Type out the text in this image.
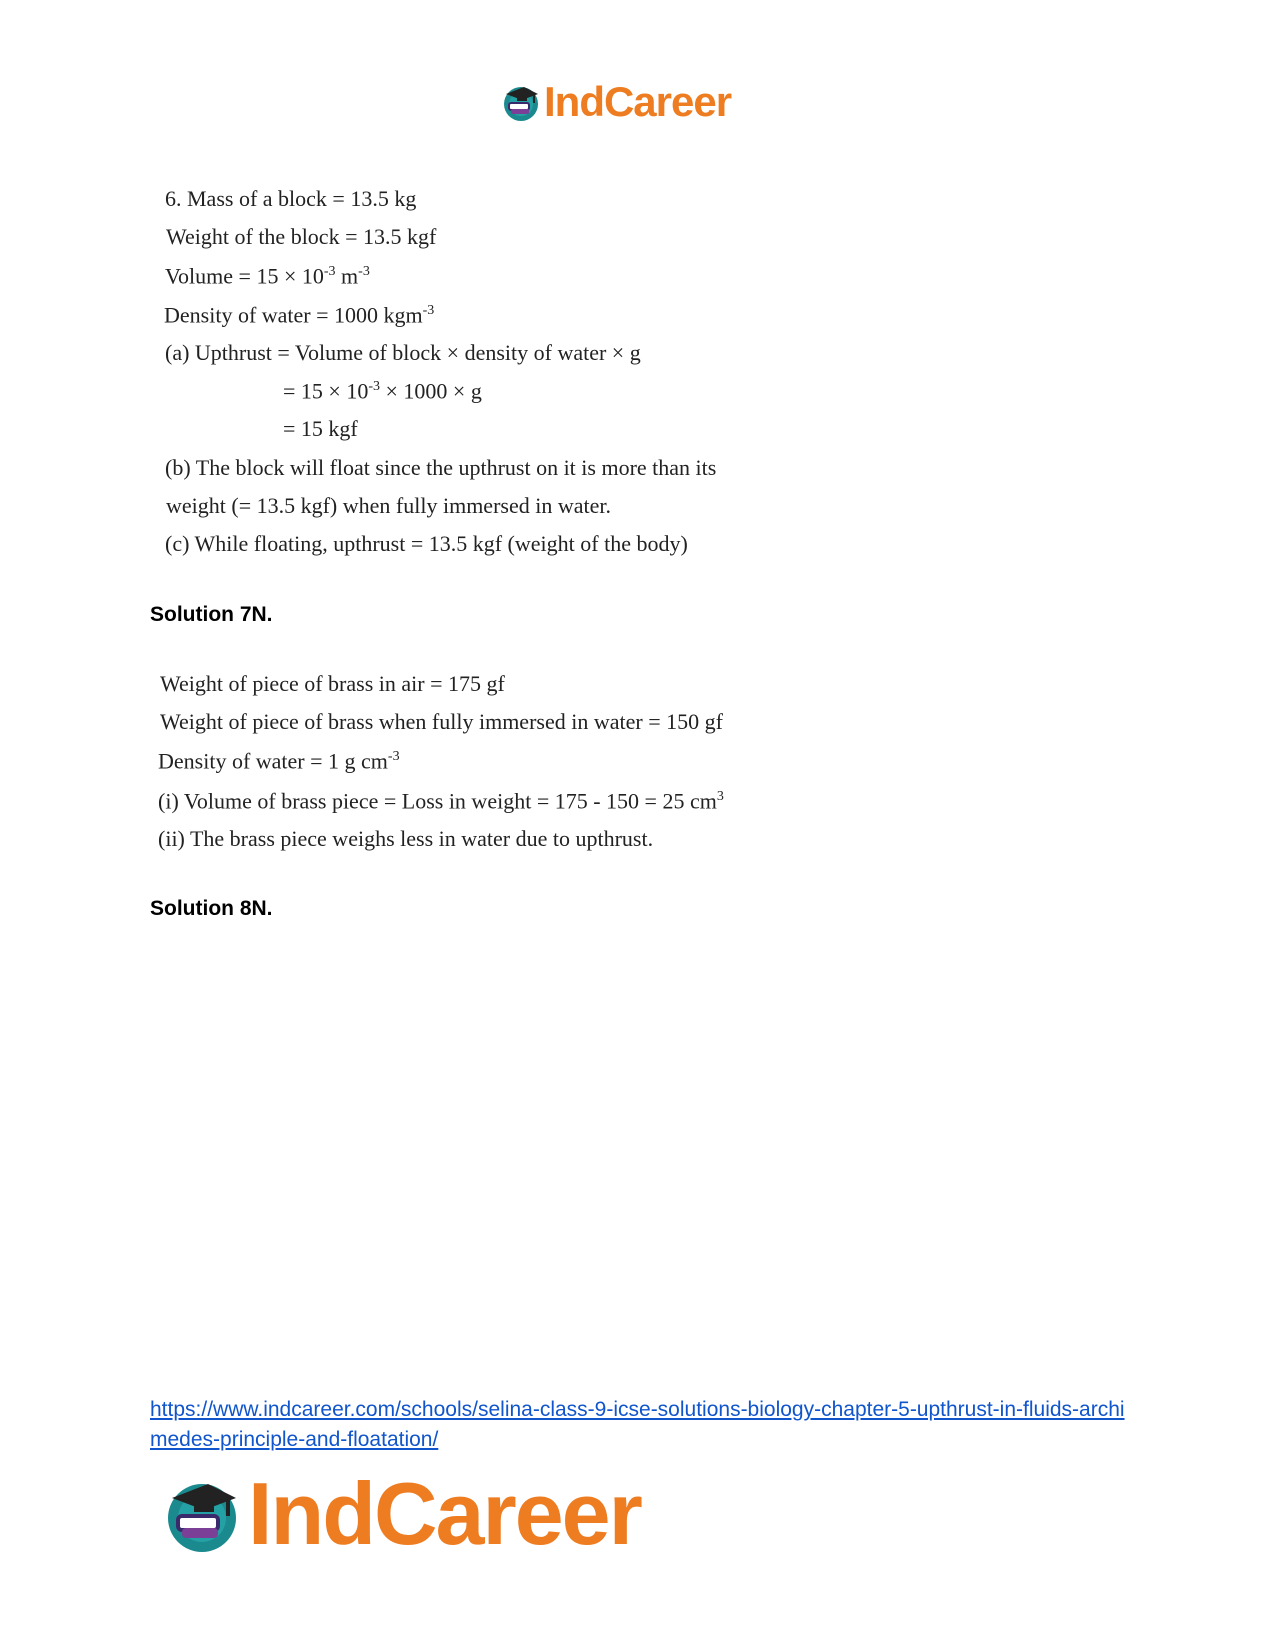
IndCareer
6. Mass of a block = 13.5 kg
Weight of the block = 13.5 kgf
Volume = $15 \times 10^{-3}$ $m^{-3}$
Density of water = 1000 kgm$^{-3}$
(a) Upthrust = Volume of block × density of water × g
= $15 \times 10^{-3} \times 1000 \times g$
= 15 kgf
(b) The block will float since the upthrust on it is more than its
weight (= 13.5 kgf) when fully immersed in water.
(c) While floating, upthrust = 13.5 kgf (weight of the body)
Solution 7N.
Weight of piece of brass in air = 175 gf
Weight of piece of brass when fully immersed in water = 150 gf
Density of water = 1 g $cm^{-3}$
(i) Volume of brass piece = Loss in weight = 175 - 150 = 25 $cm^3$
(ii) The brass piece weighs less in water due to upthrust.
Solution 8N.
https://www.indcareer.com/schools/selina-class-9-icse-solutions-biology-chapter-5-upthrust-in-fluids-archimedes-principle-and-floatation/
IndCareer
